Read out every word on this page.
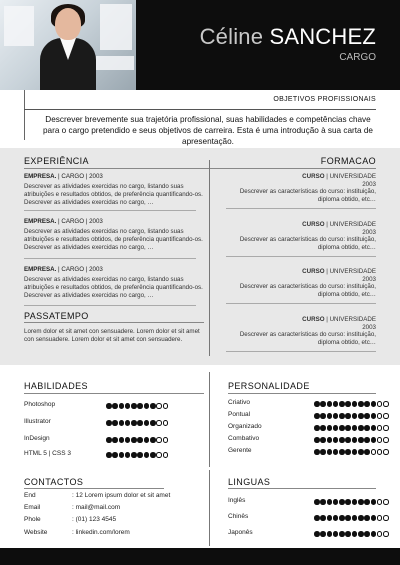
Céline SANCHEZ
CARGO
OBJETIVOS PROFISSIONAIS
Descrever brevemente sua trajetória profissional, suas habilidades e competências chave para o cargo pretendido e seus objetivos de carreira. Esta é uma introdução à sua carta de apresentação.
EXPERIÊNCIA	FORMACAO
EMPRESA. | CARGO | 2003
Descrever as atividades exercidas no cargo, listando suas atribuições e resultados obtidos, de preferência quantificando-os. Descrever as atividades exercidas no cargo, …
EMPRESA. | CARGO | 2003
Descrever as atividades exercidas no cargo, listando suas atribuições e resultados obtidos, de preferência quantificando-os. Descrever as atividades exercidas no cargo, …
EMPRESA. | CARGO | 2003
Descrever as atividades exercidas no cargo, listando suas atribuições e resultados obtidos, de preferência quantificando-os. Descrever as atividades exercidas no cargo, …
PASSATEMPO
Lorem dolor et sit amet con sensuadere. Lorem dolor et sit amet con sensuadere. Lorem dolor et sit amet con sensuadere.
CURSO | UNIVERSIDADE
2003
Descrever as características do curso: instituição,
diploma obtido, etc…
CURSO | UNIVERSIDADE
2003
Descrever as características do curso: instituição,
diploma obtido, etc…
CURSO | UNIVERSIDADE
2003
Descrever as características do curso: instituição,
diploma obtido, etc…
CURSO | UNIVERSIDADE
2003
Descrever as características do curso: instituição,
diploma obtido, etc…
HABILIDADES	PERSONALIDADE
Photoshop
Illustrator
InDesign
HTML 5 | CSS 3
Criativo
Pontual
Organizado
Combativo
Gerente
CONTACTOS	LINGUAS
End	: 12 Lorem ipsum dolor et sit amet
Email	: mail@mail.com
Phole	: (01) 123 4545
Website	: linkedin.com/lorem
Inglês
Chinês
Japonês
